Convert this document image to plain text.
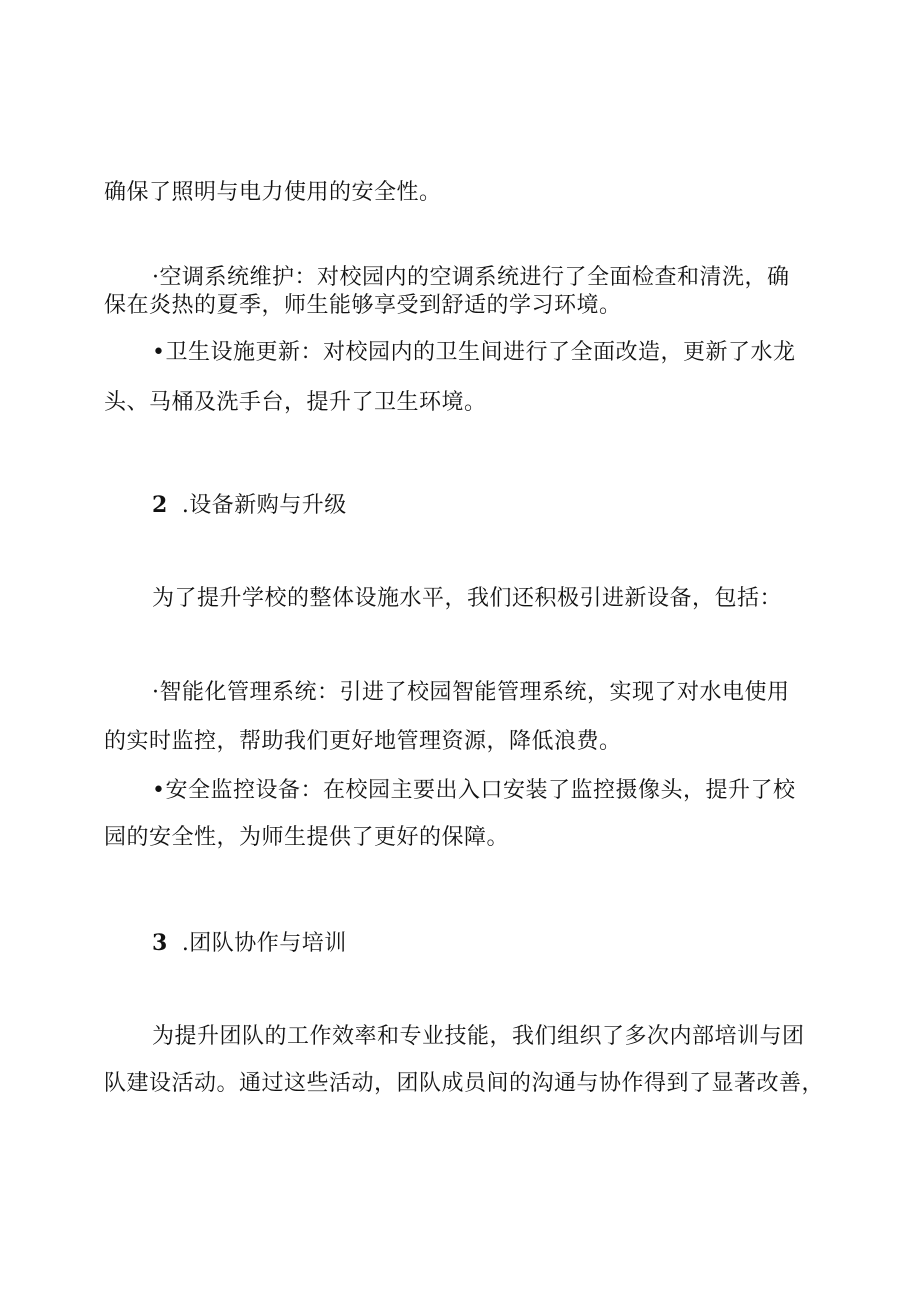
确保了照明与电力使用的安全性。
·空调系统维护：对校园内的空调系统进行了全面检查和清洗，确
保在炎热的夏季，师生能够享受到舒适的学习环境。
•卫生设施更新：对校园内的卫生间进行了全面改造，更新了水龙
头、马桶及洗手台，提升了卫生环境。
2 .设备新购与升级
为了提升学校的整体设施水平，我们还积极引进新设备，包括：
·智能化管理系统：引进了校园智能管理系统，实现了对水电使用
的实时监控，帮助我们更好地管理资源，降低浪费。
•安全监控设备：在校园主要出入口安装了监控摄像头，提升了校
园的安全性，为师生提供了更好的保障。
3 .团队协作与培训
为提升团队的工作效率和专业技能，我们组织了多次内部培训与团
队建设活动。通过这些活动，团队成员间的沟通与协作得到了显著改善，
